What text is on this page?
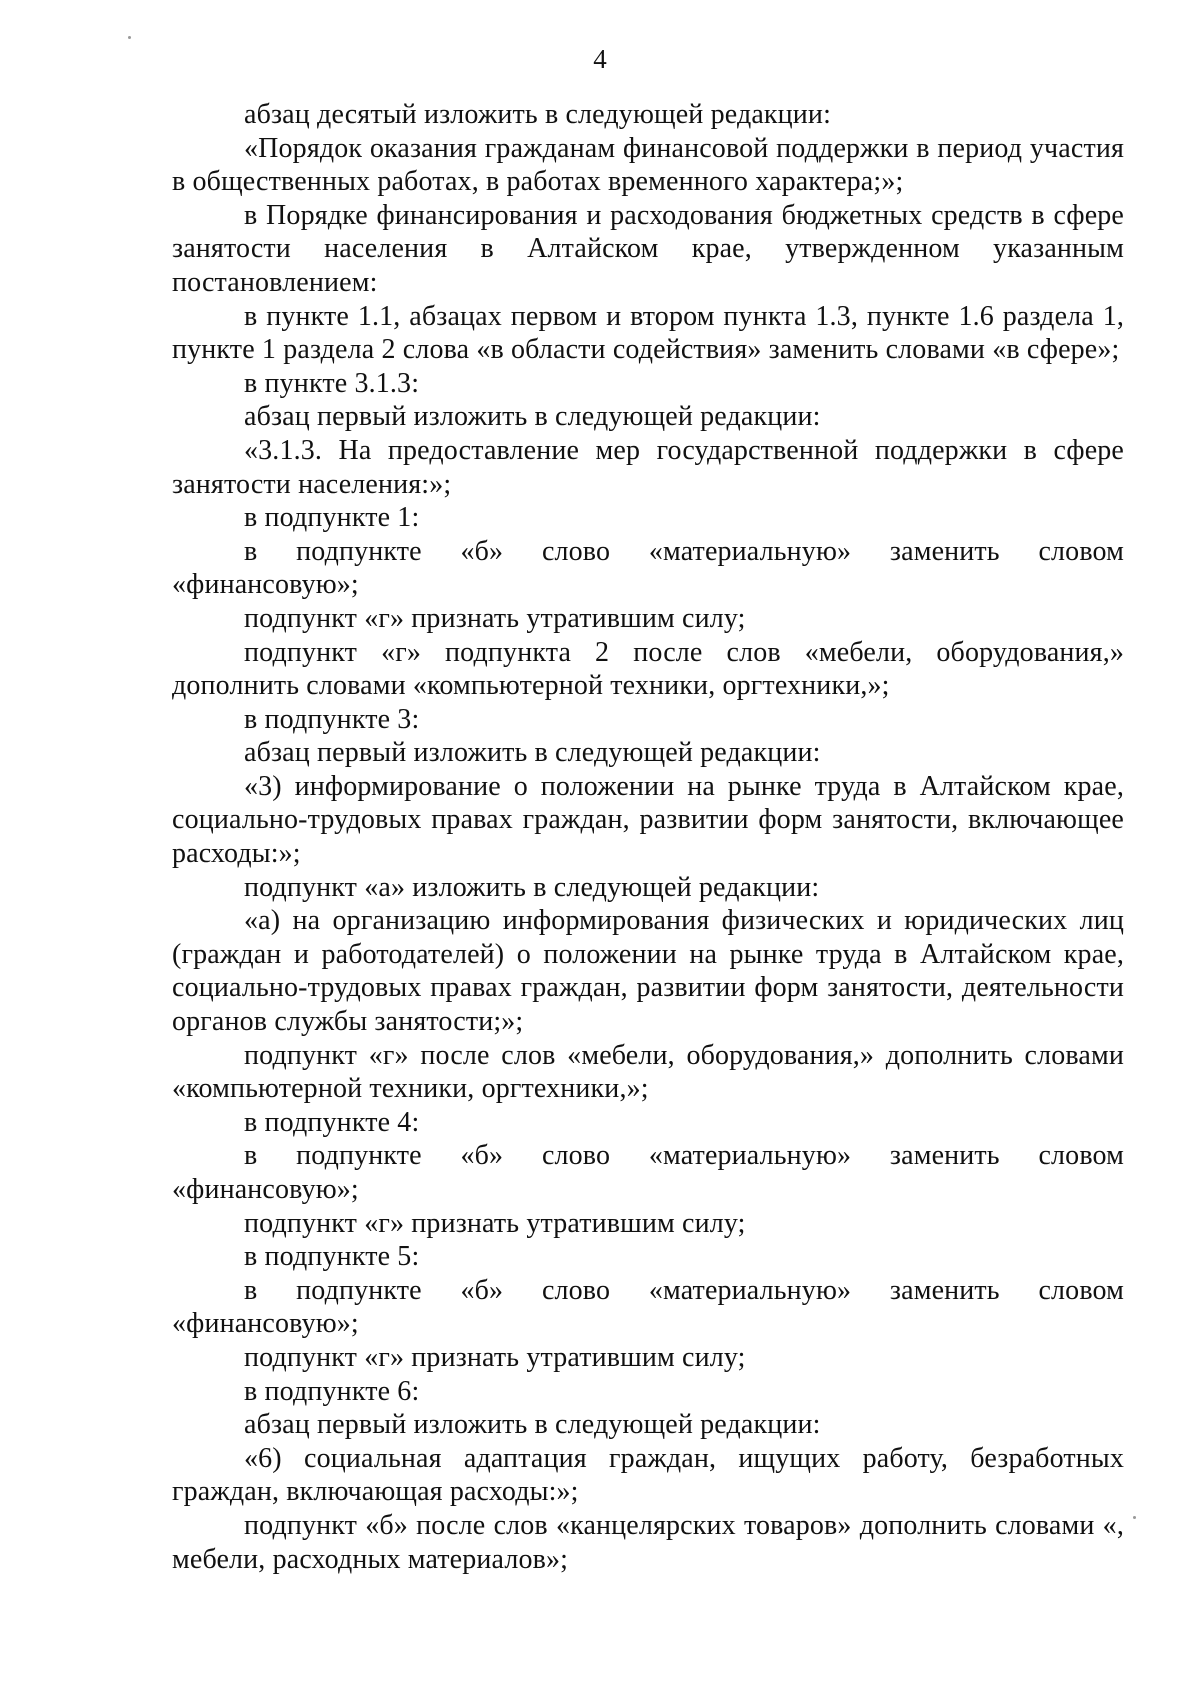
4

абзац десятый изложить в следующей редакции:

«Порядок оказания гражданам финансовой поддержки в период участия в общественных работах, в работах временного характера;»;

в Порядке финансирования и расходования бюджетных средств в сфере занятости населения в Алтайском крае, утвержденном указанным постановлением:

в пункте 1.1, абзацах первом и втором пункта 1.3, пункте 1.6 раздела 1, пункте 1 раздела 2 слова «в области содействия» заменить словами «в сфере»;

в пункте 3.1.3:

абзац первый изложить в следующей редакции:

«3.1.3. На предоставление мер государственной поддержки в сфере занятости населения:»;

в подпункте 1:

в подпункте «б» слово «материальную» заменить словом «финансовую»;

подпункт «г» признать утратившим силу;

подпункт «г» подпункта 2 после слов «мебели, оборудования,» дополнить словами «компьютерной техники, оргтехники,»;

в подпункте 3:

абзац первый изложить в следующей редакции:

«3) информирование о положении на рынке труда в Алтайском крае, социально-трудовых правах граждан, развитии форм занятости, включающее расходы:»;

подпункт «а» изложить в следующей редакции:

«а) на организацию информирования физических и юридических лиц (граждан и работодателей) о положении на рынке труда в Алтайском крае, социально-трудовых правах граждан, развитии форм занятости, деятельности органов службы занятости;»;

подпункт «г» после слов «мебели, оборудования,» дополнить словами «компьютерной техники, оргтехники,»;

в подпункте 4:

в подпункте «б» слово «материальную» заменить словом «финансовую»;

подпункт «г» признать утратившим силу;

в подпункте 5:

в подпункте «б» слово «материальную» заменить словом «финансовую»;

подпункт «г» признать утратившим силу;

в подпункте 6:

абзац первый изложить в следующей редакции:

«6) социальная адаптация граждан, ищущих работу, безработных граждан, включающая расходы:»;

подпункт «б» после слов «канцелярских товаров» дополнить словами «, мебели, расходных материалов»;
